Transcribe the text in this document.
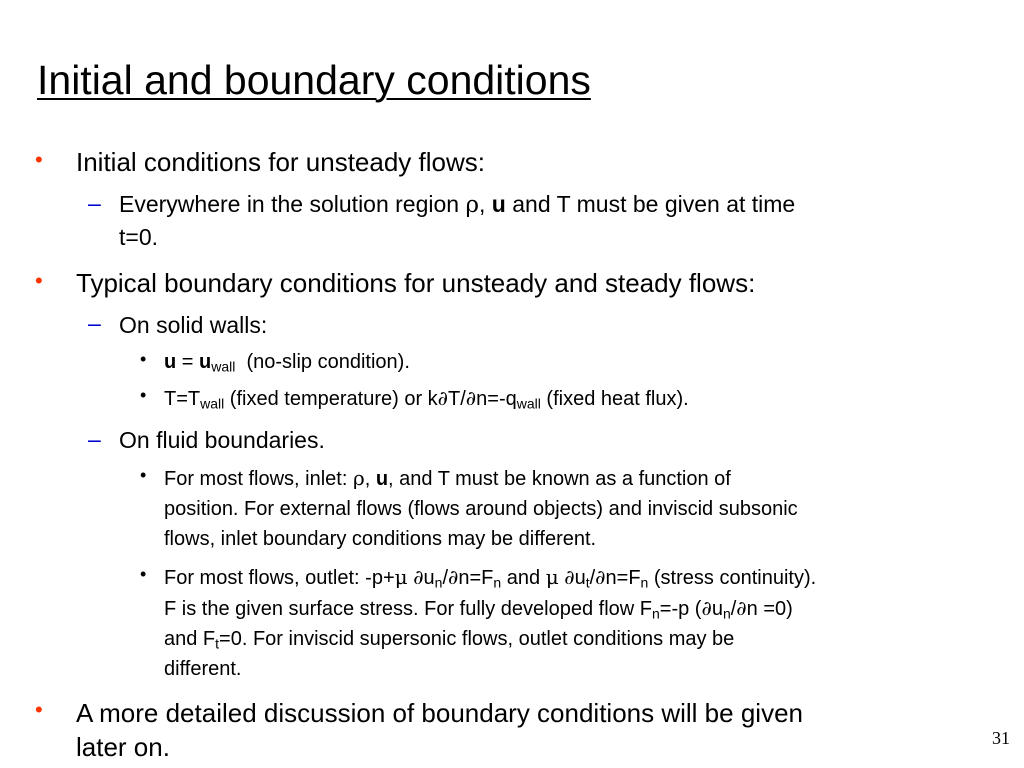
Initial and boundary conditions
• Initial conditions for unsteady flows:
– Everywhere in the solution region ρ, u and T must be given at time
t=0.
• Typical boundary conditions for unsteady and steady flows:
– On solid walls:
• $u = u_{wall}$  (no-slip condition).
• $T=T_{wall}$ (fixed temperature) or $k\partial T/\partial n=-q_{wall}$ (fixed heat flux).
– On fluid boundaries.
• For most flows, inlet: ρ, u, and T must be known as a function of
position. For external flows (flows around objects) and inviscid subsonic
flows, inlet boundary conditions may be different.
• For most flows, outlet: -p+μ $\partial u_n/\partial n=F_n$ and μ $\partial u_t/\partial n=F_n$ (stress continuity).
F is the given surface stress. For fully developed flow $F_n=-p$ $(\partial u_n/\partial n =0)$
and $F_t=0$. For inviscid supersonic flows, outlet conditions may be
different.
• A more detailed discussion of boundary conditions will be given
later on.	31
